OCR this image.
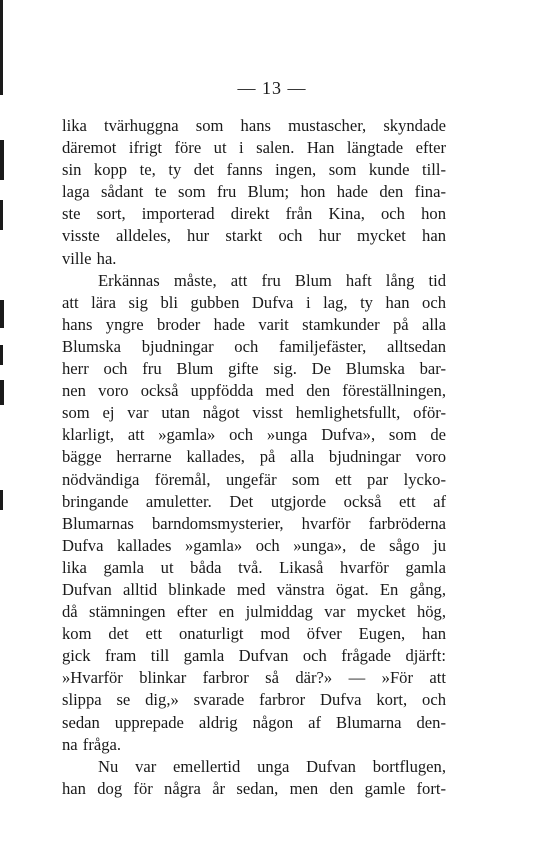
— 13 —
lika tvärhuggna som hans mustascher, skyndade
däremot ifrigt före ut i salen. Han längtade efter
sin kopp te, ty det fanns ingen, som kunde till-
laga sådant te som fru Blum; hon hade den fina-
ste sort, importerad direkt från Kina, och hon
visste alldeles, hur starkt och hur mycket han
ville ha.
Erkännas måste, att fru Blum haft lång tid
att lära sig bli gubben Dufva i lag, ty han och
hans yngre broder hade varit stamkunder på alla
Blumska bjudningar och familjefäster, alltsedan
herr och fru Blum gifte sig. De Blumska bar-
nen voro också uppfödda med den föreställningen,
som ej var utan något visst hemlighetsfullt, oför-
klarligt, att »gamla» och »unga Dufva», som de
bägge herrarne kallades, på alla bjudningar voro
nödvändiga föremål, ungefär som ett par lycko-
bringande amuletter. Det utgjorde också ett af
Blumarnas barndomsmysterier, hvarför farbröderna
Dufva kallades »gamla» och »unga», de sågo ju
lika gamla ut båda två. Likaså hvarför gamla
Dufvan alltid blinkade med vänstra ögat. En gång,
då stämningen efter en julmiddag var mycket hög,
kom det ett onaturligt mod öfver Eugen, han
gick fram till gamla Dufvan och frågade djärft:
»Hvarför blinkar farbror så där?» — »För att
slippa se dig,» svarade farbror Dufva kort, och
sedan upprepade aldrig någon af Blumarna den-
na fråga.
Nu var emellertid unga Dufvan bortflugen,
han dog för några år sedan, men den gamle fort-
